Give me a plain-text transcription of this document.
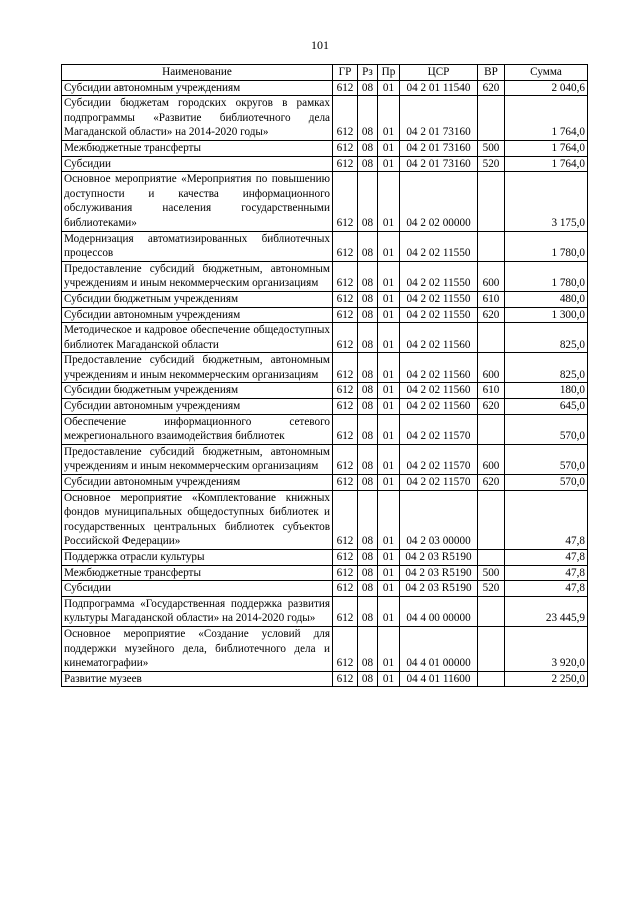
101
Наименование	ГР	Рз	Пр	ЦСР	ВР	Сумма
Субсидии автономным учреждениям	612	08	01	04 2 01 11540	620	2 040,6
Субсидии бюджетам городских округов в рамках подпрограммы «Развитие библиотечного дела Магаданской области» на 2014-2020 годы»	612	08	01	04 2 01 73160		1 764,0
Межбюджетные трансферты	612	08	01	04 2 01 73160	500	1 764,0
Субсидии	612	08	01	04 2 01 73160	520	1 764,0
Основное мероприятие «Мероприятия по повышению доступности и качества информационного обслуживания населения государственными библиотеками»	612	08	01	04 2 02 00000		3 175,0
Модернизация автоматизированных библиотечных процессов	612	08	01	04 2 02 11550		1 780,0
Предоставление субсидий бюджетным, автономным учреждениям и иным некоммерческим организациям	612	08	01	04 2 02 11550	600	1 780,0
Субсидии бюджетным учреждениям	612	08	01	04 2 02 11550	610	480,0
Субсидии автономным учреждениям	612	08	01	04 2 02 11550	620	1 300,0
Методическое и кадровое обеспечение общедоступных библиотек Магаданской области	612	08	01	04 2 02 11560		825,0
Предоставление субсидий бюджетным, автономным учреждениям и иным некоммерческим организациям	612	08	01	04 2 02 11560	600	825,0
Субсидии бюджетным учреждениям	612	08	01	04 2 02 11560	610	180,0
Субсидии автономным учреждениям	612	08	01	04 2 02 11560	620	645,0
Обеспечение информационного сетевого межрегионального взаимодействия библиотек	612	08	01	04 2 02 11570		570,0
Предоставление субсидий бюджетным, автономным учреждениям и иным некоммерческим организациям	612	08	01	04 2 02 11570	600	570,0
Субсидии автономным учреждениям	612	08	01	04 2 02 11570	620	570,0
Основное мероприятие «Комплектование книжных фондов муниципальных общедоступных библиотек и государственных центральных библиотек субъектов Российской Федерации»	612	08	01	04 2 03 00000		47,8
Поддержка отрасли культуры	612	08	01	04 2 03 R5190		47,8
Межбюджетные трансферты	612	08	01	04 2 03 R5190	500	47,8
Субсидии	612	08	01	04 2 03 R5190	520	47,8
Подпрограмма «Государственная поддержка развития культуры Магаданской области» на 2014-2020 годы»	612	08	01	04 4 00 00000		23 445,9
Основное мероприятие «Создание условий для поддержки музейного дела, библиотечного дела и кинематографии»	612	08	01	04 4 01 00000		3 920,0
Развитие музеев	612	08	01	04 4 01 11600		2 250,0
